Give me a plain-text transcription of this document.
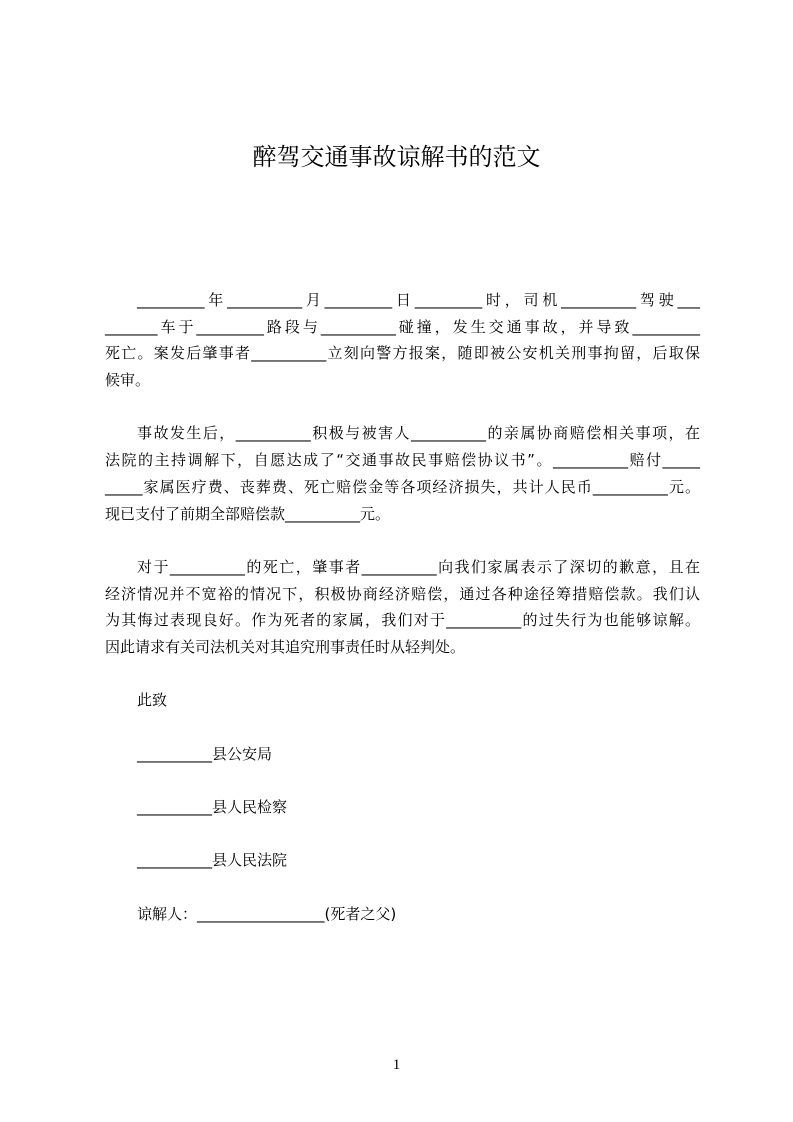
醉驾交通事故谅解书的范文
_________年__________月_________日_________时，司机__________驾驶___
_______车于_________路段与__________碰撞，发生交通事故，并导致_________
死亡。案发后肇事者__________立刻向警方报案，随即被公安机关刑事拘留，后取保
候审。
事故发生后，__________积极与被害人__________的亲属协商赔偿相关事项，在
法院的主持调解下，自愿达成了“交通事故民事赔偿协议书”。__________赔付_____
_____家属医疗费、丧葬费、死亡赔偿金等各项经济损失，共计人民币__________元。
现已支付了前期全部赔偿款__________元。
对于__________的死亡，肇事者__________向我们家属表示了深切的歉意，且在
经济情况并不宽裕的情况下，积极协商经济赔偿，通过各种途径筹措赔偿款。我们认
为其悔过表现良好。作为死者的家属，我们对于__________的过失行为也能够谅解。
因此请求有关司法机关对其追究刑事责任时从轻判处。
此致
__________县公安局
__________县人民检察
__________县人民法院
谅解人：_________________(死者之父)
1
